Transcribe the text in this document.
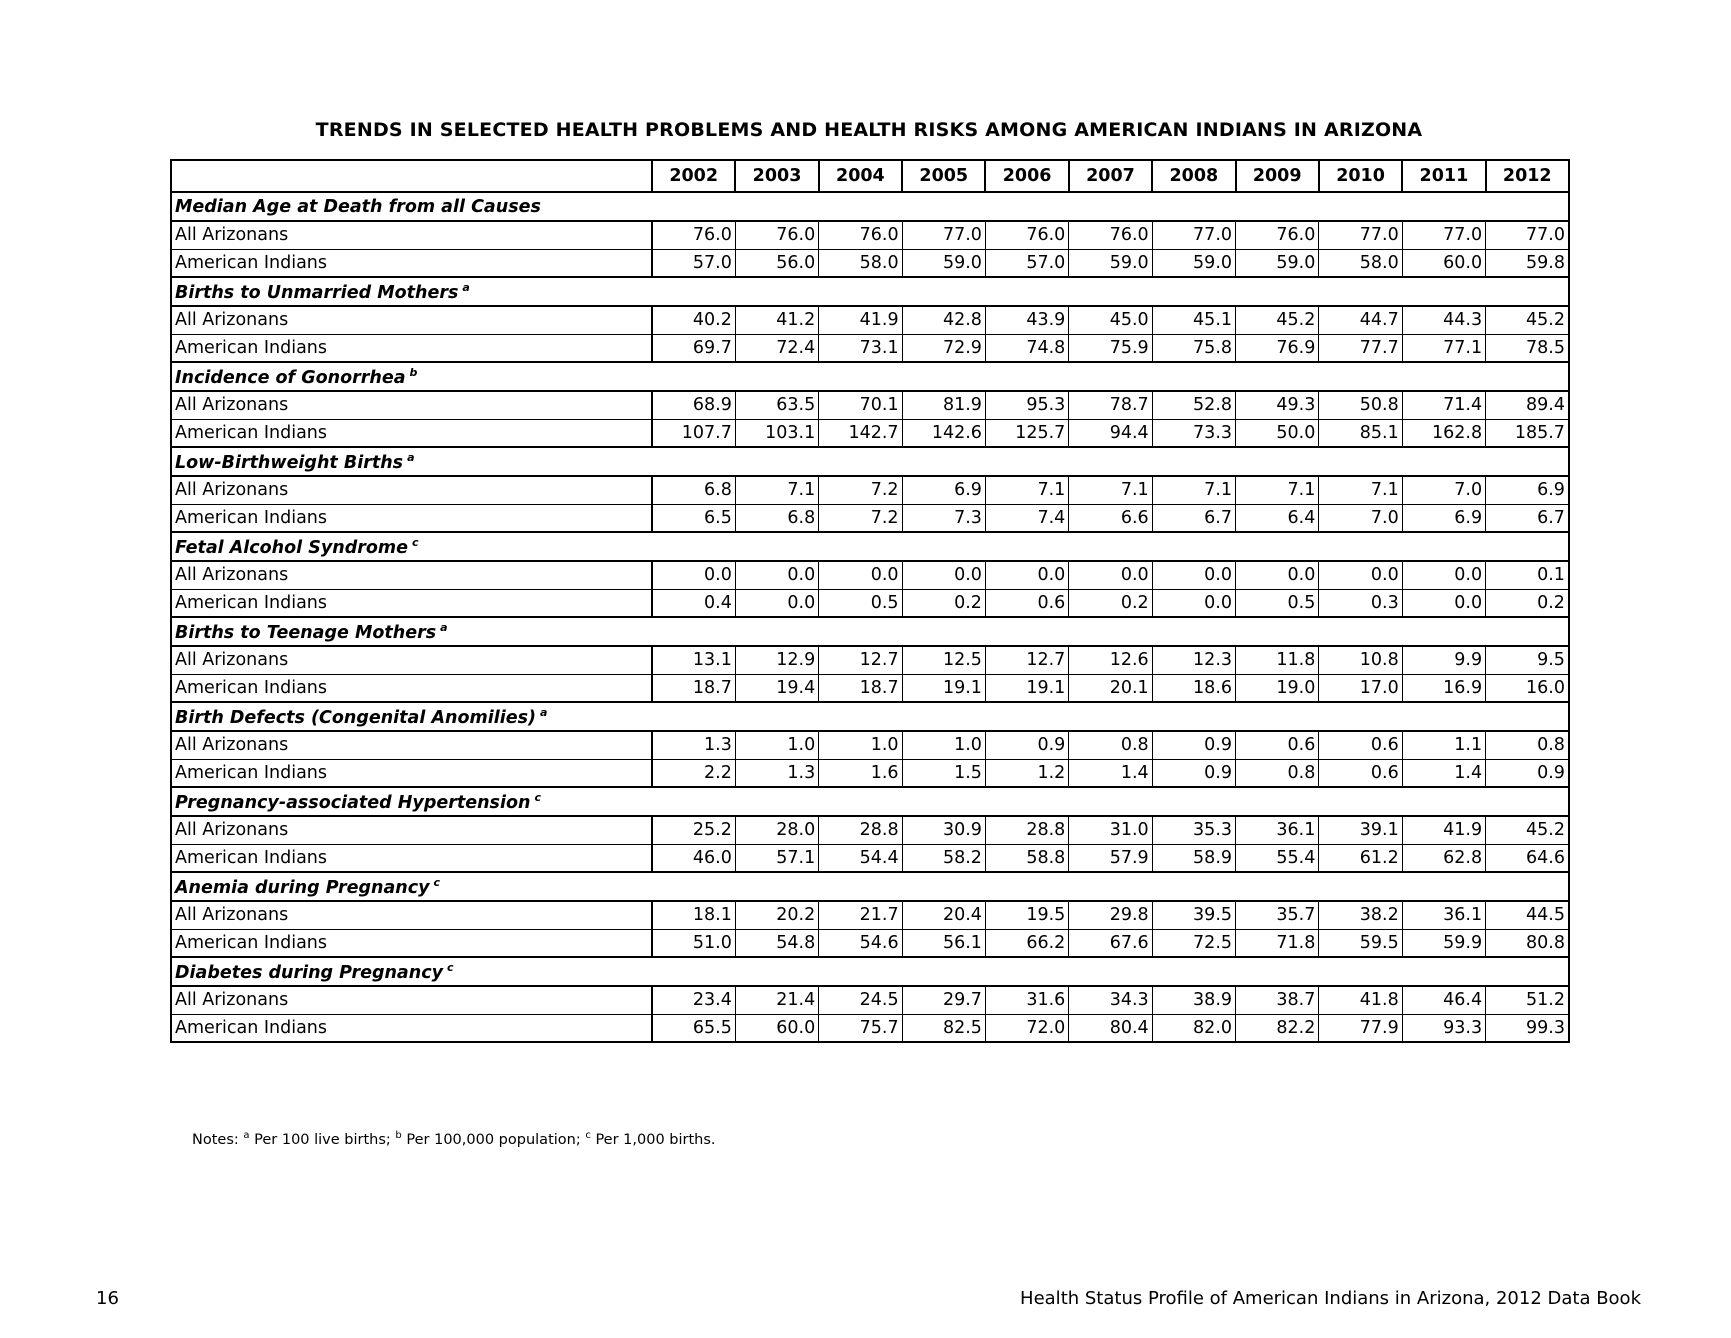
TRENDS IN SELECTED HEALTH PROBLEMS AND HEALTH RISKS AMONG AMERICAN INDIANS IN ARIZONA
	2002	2003	2004	2005	2006	2007	2008	2009	2010	2011	2012
Median Age at Death from all Causes											
All Arizonans	76.0	76.0	76.0	77.0	76.0	76.0	77.0	76.0	77.0	77.0	77.0
American Indians	57.0	56.0	58.0	59.0	57.0	59.0	59.0	59.0	58.0	60.0	59.8
Births to Unmarried Mothers $^a$
All Arizonans	40.2	41.2	41.9	42.8	43.9	45.0	45.1	45.2	44.7	44.3	45.2
American Indians	69.7	72.4	73.1	72.9	74.8	75.9	75.8	76.9	77.7	77.1	78.5
Incidence of Gonorrhea $^b$
All Arizonans	68.9	63.5	70.1	81.9	95.3	78.7	52.8	49.3	50.8	71.4	89.4
American Indians	107.7	103.1	142.7	142.6	125.7	94.4	73.3	50.0	85.1	162.8	185.7
Low-Birthweight Births $^a$
All Arizonans	6.8	7.1	7.2	6.9	7.1	7.1	7.1	7.1	7.1	7.0	6.9
American Indians	6.5	6.8	7.2	7.3	7.4	6.6	6.7	6.4	7.0	6.9	6.7
Fetal Alcohol Syndrome $^c$
All Arizonans	0.0	0.0	0.0	0.0	0.0	0.0	0.0	0.0	0.0	0.0	0.1
American Indians	0.4	0.0	0.5	0.2	0.6	0.2	0.0	0.5	0.3	0.0	0.2
Births to Teenage Mothers $^a$
All Arizonans	13.1	12.9	12.7	12.5	12.7	12.6	12.3	11.8	10.8	9.9	9.5
American Indians	18.7	19.4	18.7	19.1	19.1	20.1	18.6	19.0	17.0	16.9	16.0
Birth Defects (Congenital Anomilies) $^a$
All Arizonans	1.3	1.0	1.0	1.0	0.9	0.8	0.9	0.6	0.6	1.1	0.8
American Indians	2.2	1.3	1.6	1.5	1.2	1.4	0.9	0.8	0.6	1.4	0.9
Pregnancy-associated Hypertension $^c$
All Arizonans	25.2	28.0	28.8	30.9	28.8	31.0	35.3	36.1	39.1	41.9	45.2
American Indians	46.0	57.1	54.4	58.2	58.8	57.9	58.9	55.4	61.2	62.8	64.6
Anemia during Pregnancy $^c$
All Arizonans	18.1	20.2	21.7	20.4	19.5	29.8	39.5	35.7	38.2	36.1	44.5
American Indians	51.0	54.8	54.6	56.1	66.2	67.6	72.5	71.8	59.5	59.9	80.8
Diabetes during Pregnancy $^c$
All Arizonans	23.4	21.4	24.5	29.7	31.6	34.3	38.9	38.7	41.8	46.4	51.2
American Indians	65.5	60.0	75.7	82.5	72.0	80.4	82.0	82.2	77.9	93.3	99.3
Notes: $^a$ Per 100 live births; $^b$ Per 100,000 population; $^c$ Per 1,000 births.
16	Health Status Profile of American Indians in Arizona, 2012 Data Book
